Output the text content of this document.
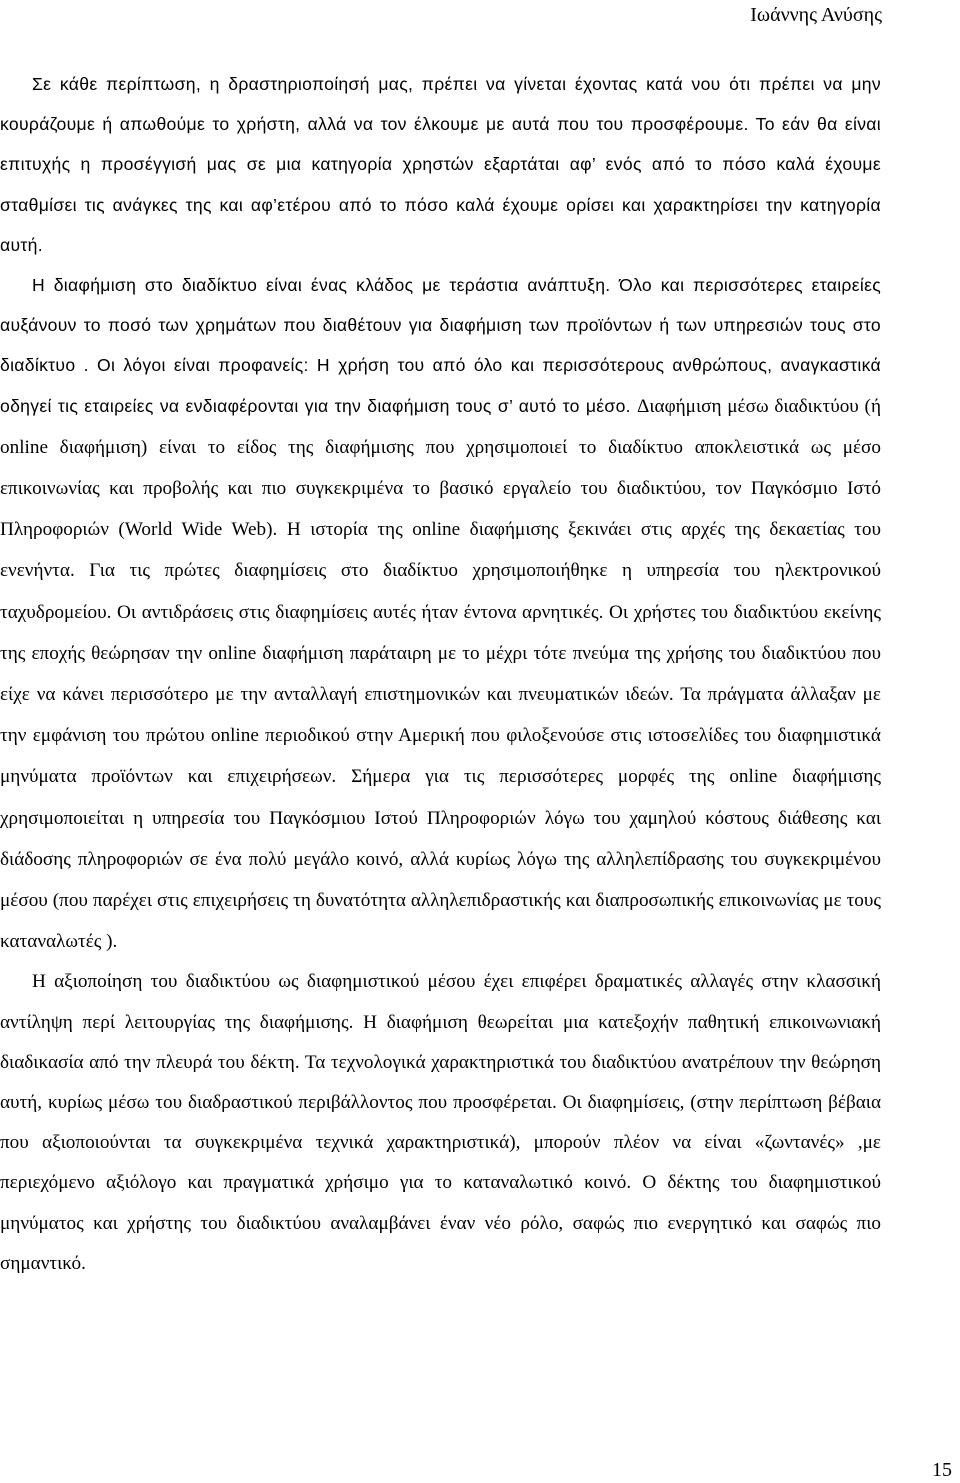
Ιωάννης Ανύσης

Σε κάθε περίπτωση, η δραστηριοποίησή μας, πρέπει να γίνεται έχοντας κατά νου ότι πρέπει να μην κουράζουμε ή απωθούμε το χρήστη, αλλά να τον έλκουμε με αυτά που του προσφέρουμε. Το εάν θα είναι επιτυχής η προσέγγισή μας σε μια κατηγορία χρηστών εξαρτάται αφ’ ενός από το πόσο καλά έχουμε σταθμίσει τις ανάγκες της και αφ’ετέρου από το πόσο καλά έχουμε ορίσει και χαρακτηρίσει την κατηγορία αυτή.

Η διαφήμιση στο διαδίκτυο είναι ένας κλάδος με τεράστια ανάπτυξη. Όλο και περισσότερες εταιρείες αυξάνουν το ποσό των χρημάτων που διαθέτουν για διαφήμιση των προϊόντων ή των υπηρεσιών τους στο διαδίκτυο . Οι λόγοι είναι προφανείς: Η χρήση του από όλο και περισσότερους ανθρώπους, αναγκαστικά οδηγεί τις εταιρείες να ενδιαφέρονται για την διαφήμιση τους σ’ αυτό το μέσο. Διαφήμιση μέσω διαδικτύου (ή online διαφήμιση) είναι το είδος της διαφήμισης που χρησιμοποιεί το διαδίκτυο αποκλειστικά ως μέσο επικοινωνίας και προβολής και πιο συγκεκριμένα το βασικό εργαλείο του διαδικτύου, τον Παγκόσμιο Ιστό Πληροφοριών (World Wide Web). Η ιστορία της online διαφήμισης ξεκινάει στις αρχές της δεκαετίας του ενενήντα. Για τις πρώτες διαφημίσεις στο διαδίκτυο χρησιμοποιήθηκε η υπηρεσία του ηλεκτρονικού ταχυδρομείου. Οι αντιδράσεις στις διαφημίσεις αυτές ήταν έντονα αρνητικές. Οι χρήστες του διαδικτύου εκείνης της εποχής θεώρησαν την online διαφήμιση παράταιρη με το μέχρι τότε πνεύμα της χρήσης του διαδικτύου που είχε να κάνει περισσότερο με την ανταλλαγή επιστημονικών και πνευματικών ιδεών. Τα πράγματα άλλαξαν με την εμφάνιση του πρώτου online περιοδικού στην Αμερική που φιλοξενούσε στις ιστοσελίδες του διαφημιστικά μηνύματα προϊόντων και επιχειρήσεων. Σήμερα για τις περισσότερες μορφές της online διαφήμισης χρησιμοποιείται η υπηρεσία του Παγκόσμιου Ιστού Πληροφοριών λόγω του χαμηλού κόστους διάθεσης και διάδοσης πληροφοριών σε ένα πολύ μεγάλο κοινό, αλλά κυρίως λόγω της αλληλεπίδρασης του συγκεκριμένου μέσου (που παρέχει στις επιχειρήσεις τη δυνατότητα αλληλεπιδραστικής και διαπροσωπικής επικοινωνίας με τους καταναλωτές ).

Η αξιοποίηση του διαδικτύου ως διαφημιστικού μέσου έχει επιφέρει δραματικές αλλαγές στην κλασσική αντίληψη περί λειτουργίας της διαφήμισης. Η διαφήμιση θεωρείται μια κατεξοχήν παθητική επικοινωνιακή διαδικασία από την πλευρά του δέκτη. Τα τεχνολογικά χαρακτηριστικά του διαδικτύου ανατρέπουν την θεώρηση αυτή, κυρίως μέσω του διαδραστικού περιβάλλοντος που προσφέρεται. Οι διαφημίσεις, (στην περίπτωση βέβαια που αξιοποιούνται τα συγκεκριμένα τεχνικά χαρακτηριστικά), μπορούν πλέον να είναι «ζωντανές» ,με περιεχόμενο αξιόλογο και πραγματικά χρήσιμο για το καταναλωτικό κοινό. Ο δέκτης του διαφημιστικού μηνύματος και χρήστης του διαδικτύου αναλαμβάνει έναν νέο ρόλο, σαφώς πιο ενεργητικό και σαφώς πιο σημαντικό.

15
